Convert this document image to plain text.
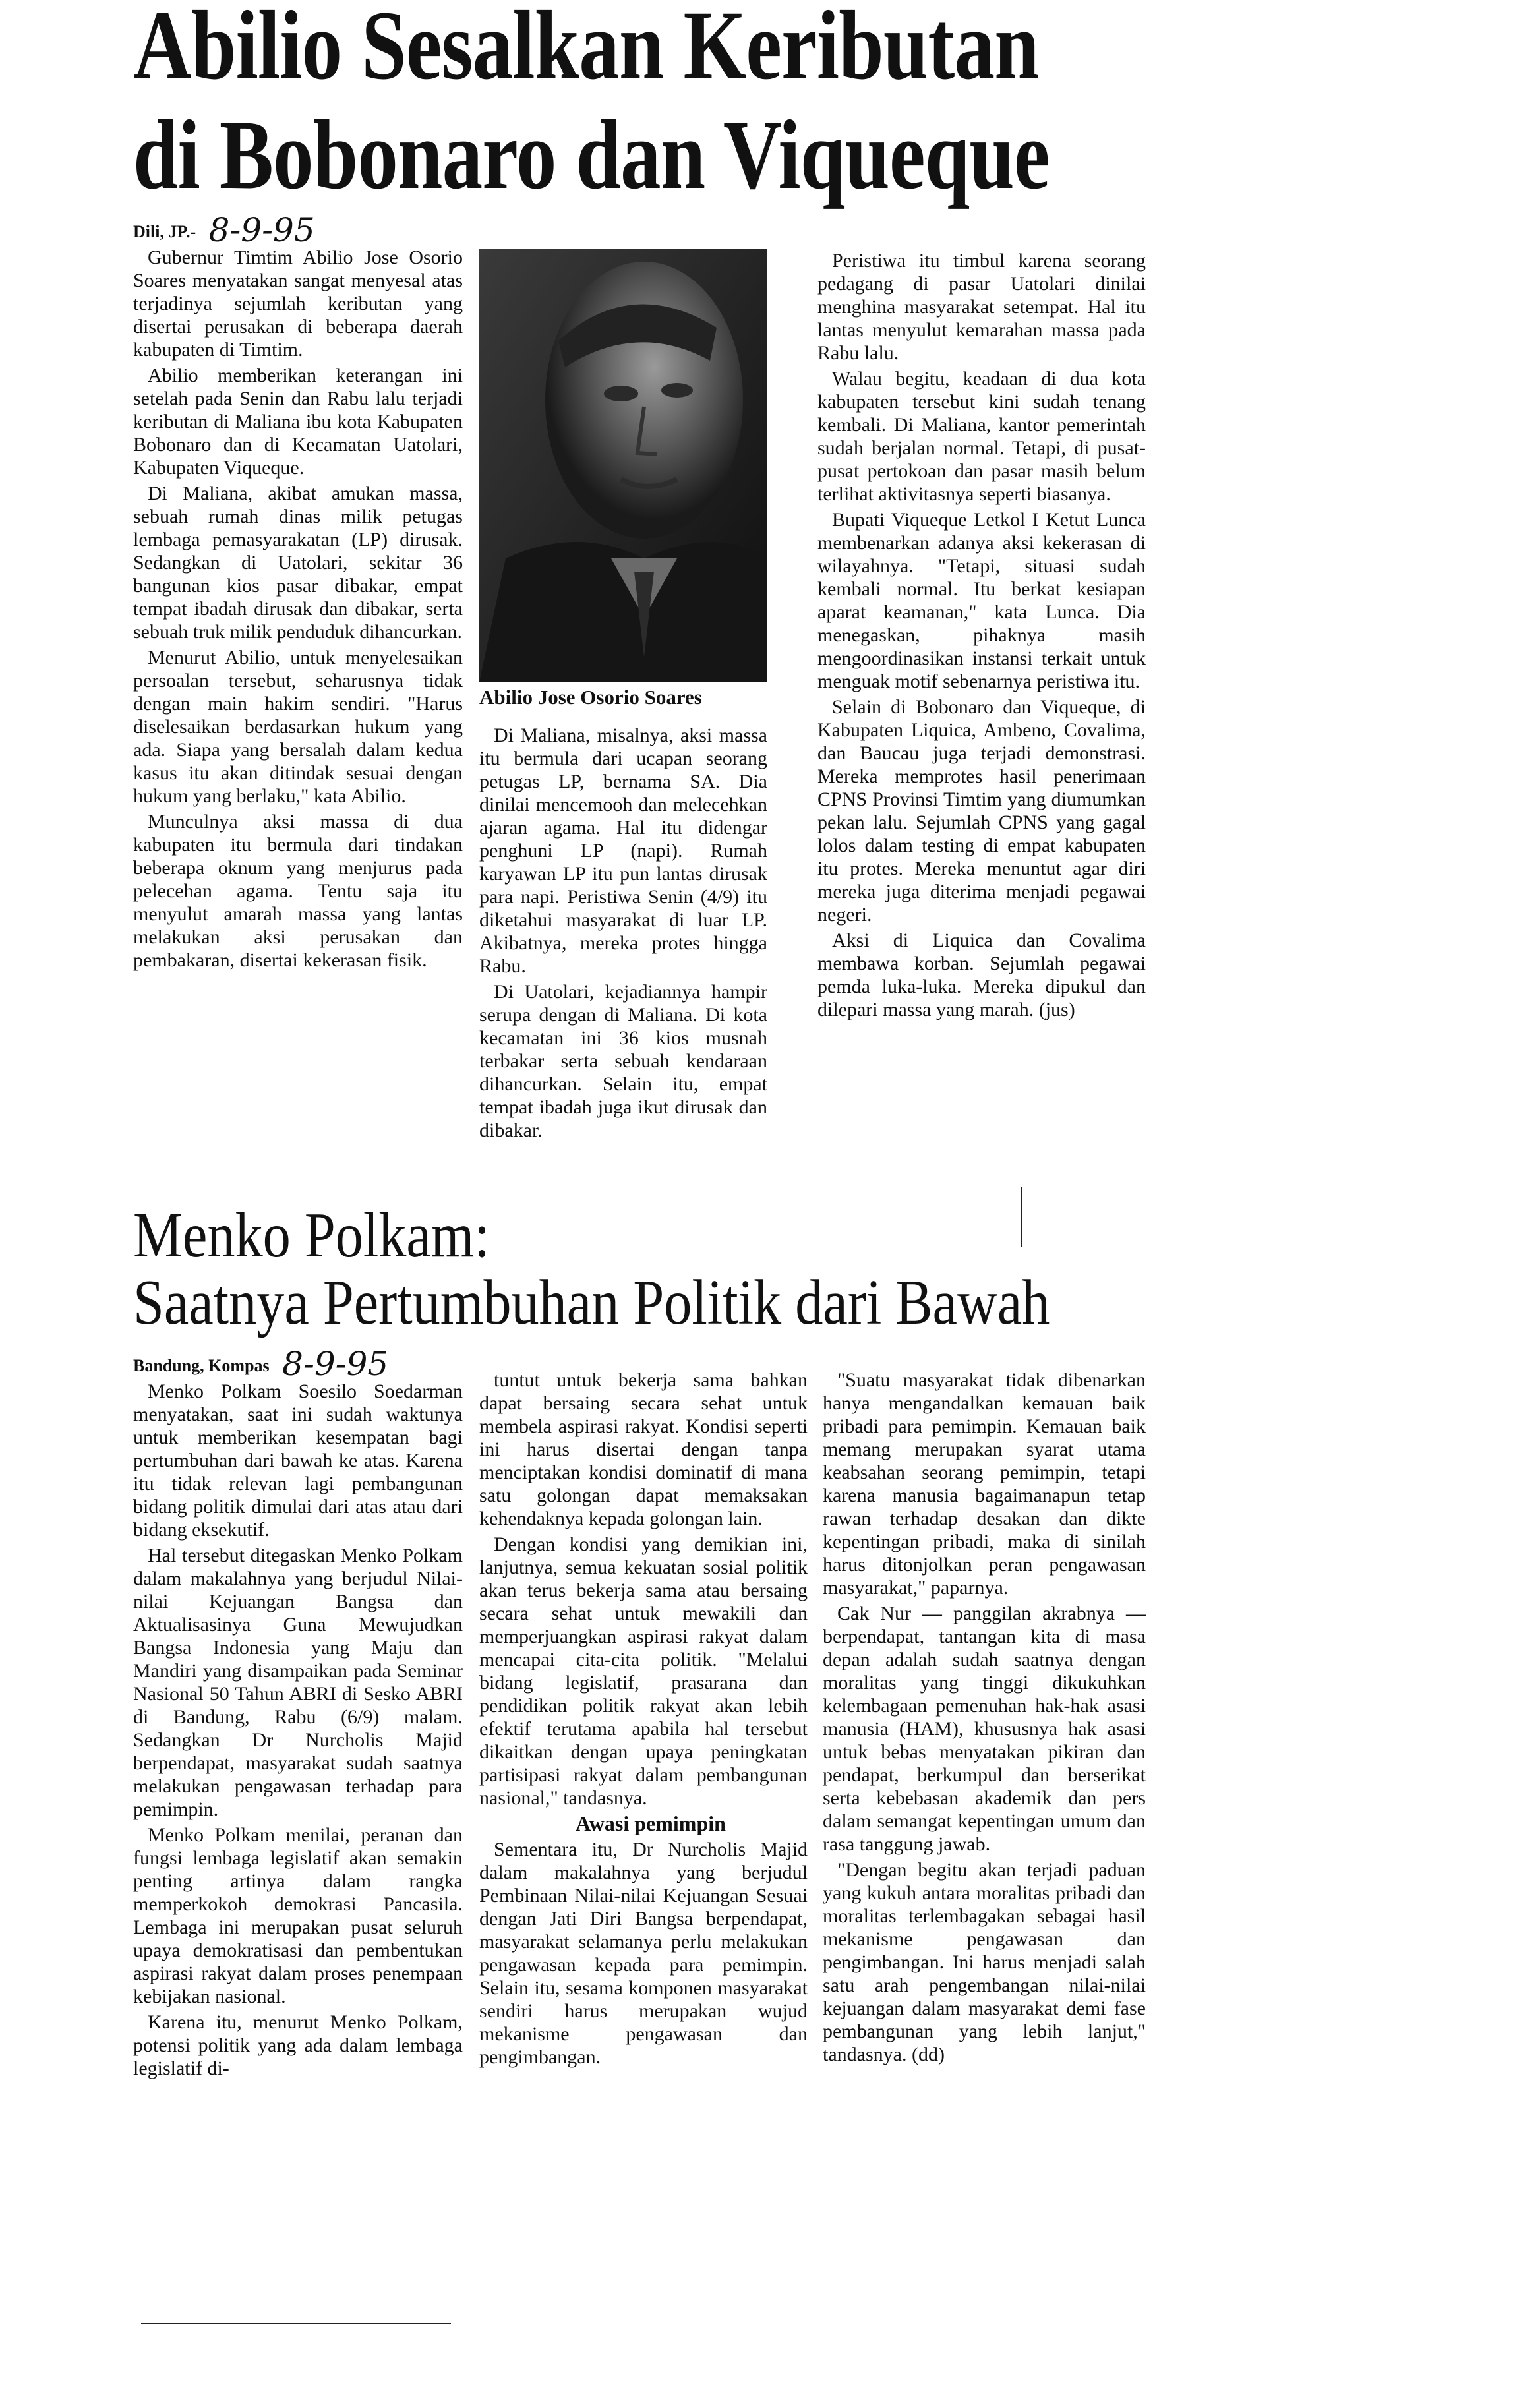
Abilio Sesalkan Keributan
di Bobonaro dan Viqueque

Dili, JP.- 8-9-95

Gubernur Timtim Abilio Jose Osorio Soares menyatakan sangat menyesal atas terjadinya sejumlah keributan yang disertai perusakan di beberapa daerah kabupaten di Timtim.

Abilio memberikan keterangan ini setelah pada Senin dan Rabu lalu terjadi keributan di Maliana ibu kota Kabupaten Bobonaro dan di Kecamatan Uatolari, Kabupaten Viqueque.

Di Maliana, akibat amukan massa, sebuah rumah dinas milik petugas lembaga pemasyarakatan (LP) dirusak. Sedangkan di Uatolari, sekitar 36 bangunan kios pasar dibakar, empat tempat ibadah dirusak dan dibakar, serta sebuah truk milik penduduk dihancurkan.

Menurut Abilio, untuk menyelesaikan persoalan tersebut, seharusnya tidak dengan main hakim sendiri. "Harus diselesaikan berdasarkan hukum yang ada. Siapa yang bersalah dalam kedua kasus itu akan ditindak sesuai dengan hukum yang berlaku," kata Abilio.

Munculnya aksi massa di dua kabupaten itu bermula dari tindakan beberapa oknum yang menjurus pada pelecehan agama. Tentu saja itu menyulut amarah massa yang lantas melakukan aksi perusakan dan pembakaran, disertai kekerasan fisik.

Abilio Jose Osorio Soares

Di Maliana, misalnya, aksi massa itu bermula dari ucapan seorang petugas LP, bernama SA. Dia dinilai mencemooh dan melecehkan ajaran agama. Hal itu didengar penghuni LP (napi). Rumah karyawan LP itu pun lantas dirusak para napi. Peristiwa Senin (4/9) itu diketahui masyarakat di luar LP. Akibatnya, mereka protes hingga Rabu.

Di Uatolari, kejadiannya hampir serupa dengan di Maliana. Di kota kecamatan ini 36 kios musnah terbakar serta sebuah kendaraan dihancurkan. Selain itu, empat tempat ibadah juga ikut dirusak dan dibakar.

Peristiwa itu timbul karena seorang pedagang di pasar Uatolari dinilai menghina masyarakat setempat. Hal itu lantas menyulut kemarahan massa pada Rabu lalu.

Walau begitu, keadaan di dua kota kabupaten tersebut kini sudah tenang kembali. Di Maliana, kantor pemerintah sudah berjalan normal. Tetapi, di pusat-pusat pertokoan dan pasar masih belum terlihat aktivitasnya seperti biasanya.

Bupati Viqueque Letkol I Ketut Lunca membenarkan adanya aksi kekerasan di wilayahnya. "Tetapi, situasi sudah kembali normal. Itu berkat kesiapan aparat keamanan," kata Lunca. Dia menegaskan, pihaknya masih mengoordinasikan instansi terkait untuk menguak motif sebenarnya peristiwa itu.

Selain di Bobonaro dan Viqueque, di Kabupaten Liquica, Ambeno, Covalima, dan Baucau juga terjadi demonstrasi. Mereka memprotes hasil penerimaan CPNS Provinsi Timtim yang diumumkan pekan lalu. Sejumlah CPNS yang gagal lolos dalam testing di empat kabupaten itu protes. Mereka menuntut agar diri mereka juga diterima menjadi pegawai negeri.

Aksi di Liquica dan Covalima membawa korban. Sejumlah pegawai pemda luka-luka. Mereka dipukul dan dilepari massa yang marah. (jus)

Menko Polkam:
Saatnya Pertumbuhan Politik dari Bawah

Bandung, Kompas 8-9-95

Menko Polkam Soesilo Soedarman menyatakan, saat ini sudah waktunya untuk memberikan kesempatan bagi pertumbuhan dari bawah ke atas. Karena itu tidak relevan lagi pembangunan bidang politik dimulai dari atas atau dari bidang eksekutif.

Hal tersebut ditegaskan Menko Polkam dalam makalahnya yang berjudul Nilai-nilai Kejuangan Bangsa dan Aktualisasinya Guna Mewujudkan Bangsa Indonesia yang Maju dan Mandiri yang disampaikan pada Seminar Nasional 50 Tahun ABRI di Sesko ABRI di Bandung, Rabu (6/9) malam. Sedangkan Dr Nurcholis Majid berpendapat, masyarakat sudah saatnya melakukan pengawasan terhadap para pemimpin.

Menko Polkam menilai, peranan dan fungsi lembaga legislatif akan semakin penting artinya dalam rangka memperkokoh demokrasi Pancasila. Lembaga ini merupakan pusat seluruh upaya demokratisasi dan pembentukan aspirasi rakyat dalam proses penempaan kebijakan nasional.

Karena itu, menurut Menko Polkam, potensi politik yang ada dalam lembaga legislatif di-

tuntut untuk bekerja sama bahkan dapat bersaing secara sehat untuk membela aspirasi rakyat. Kondisi seperti ini harus disertai dengan tanpa menciptakan kondisi dominatif di mana satu golongan dapat memaksakan kehendaknya kepada golongan lain.

Dengan kondisi yang demikian ini, lanjutnya, semua kekuatan sosial politik akan terus bekerja sama atau bersaing secara sehat untuk mewakili dan memperjuangkan aspirasi rakyat dalam mencapai cita-cita politik. "Melalui bidang legislatif, prasarana dan pendidikan politik rakyat akan lebih efektif terutama apabila hal tersebut dikaitkan dengan upaya peningkatan partisipasi rakyat dalam pembangunan nasional," tandasnya.

Awasi pemimpin

Sementara itu, Dr Nurcholis Majid dalam makalahnya yang berjudul Pembinaan Nilai-nilai Kejuangan Sesuai dengan Jati Diri Bangsa berpendapat, masyarakat selamanya perlu melakukan pengawasan kepada para pemimpin. Selain itu, sesama komponen masyarakat sendiri harus merupakan wujud mekanisme pengawasan dan pengimbangan.

"Suatu masyarakat tidak dibenarkan hanya mengandalkan kemauan baik pribadi para pemimpin. Kemauan baik memang merupakan syarat utama keabsahan seorang pemimpin, tetapi karena manusia bagaimanapun tetap rawan terhadap desakan dan dikte kepentingan pribadi, maka di sinilah harus ditonjolkan peran pengawasan masyarakat," paparnya.

Cak Nur — panggilan akrabnya — berpendapat, tantangan kita di masa depan adalah sudah saatnya dengan moralitas yang tinggi dikukuhkan kelembagaan pemenuhan hak-hak asasi manusia (HAM), khususnya hak asasi untuk bebas menyatakan pikiran dan pendapat, berkumpul dan berserikat serta kebebasan akademik dan pers dalam semangat kepentingan umum dan rasa tanggung jawab.

"Dengan begitu akan terjadi paduan yang kukuh antara moralitas pribadi dan moralitas terlembagakan sebagai hasil mekanisme pengawasan dan pengimbangan. Ini harus menjadi salah satu arah pengembangan nilai-nilai kejuangan dalam masyarakat demi fase pembangunan yang lebih lanjut," tandasnya. (dd)
